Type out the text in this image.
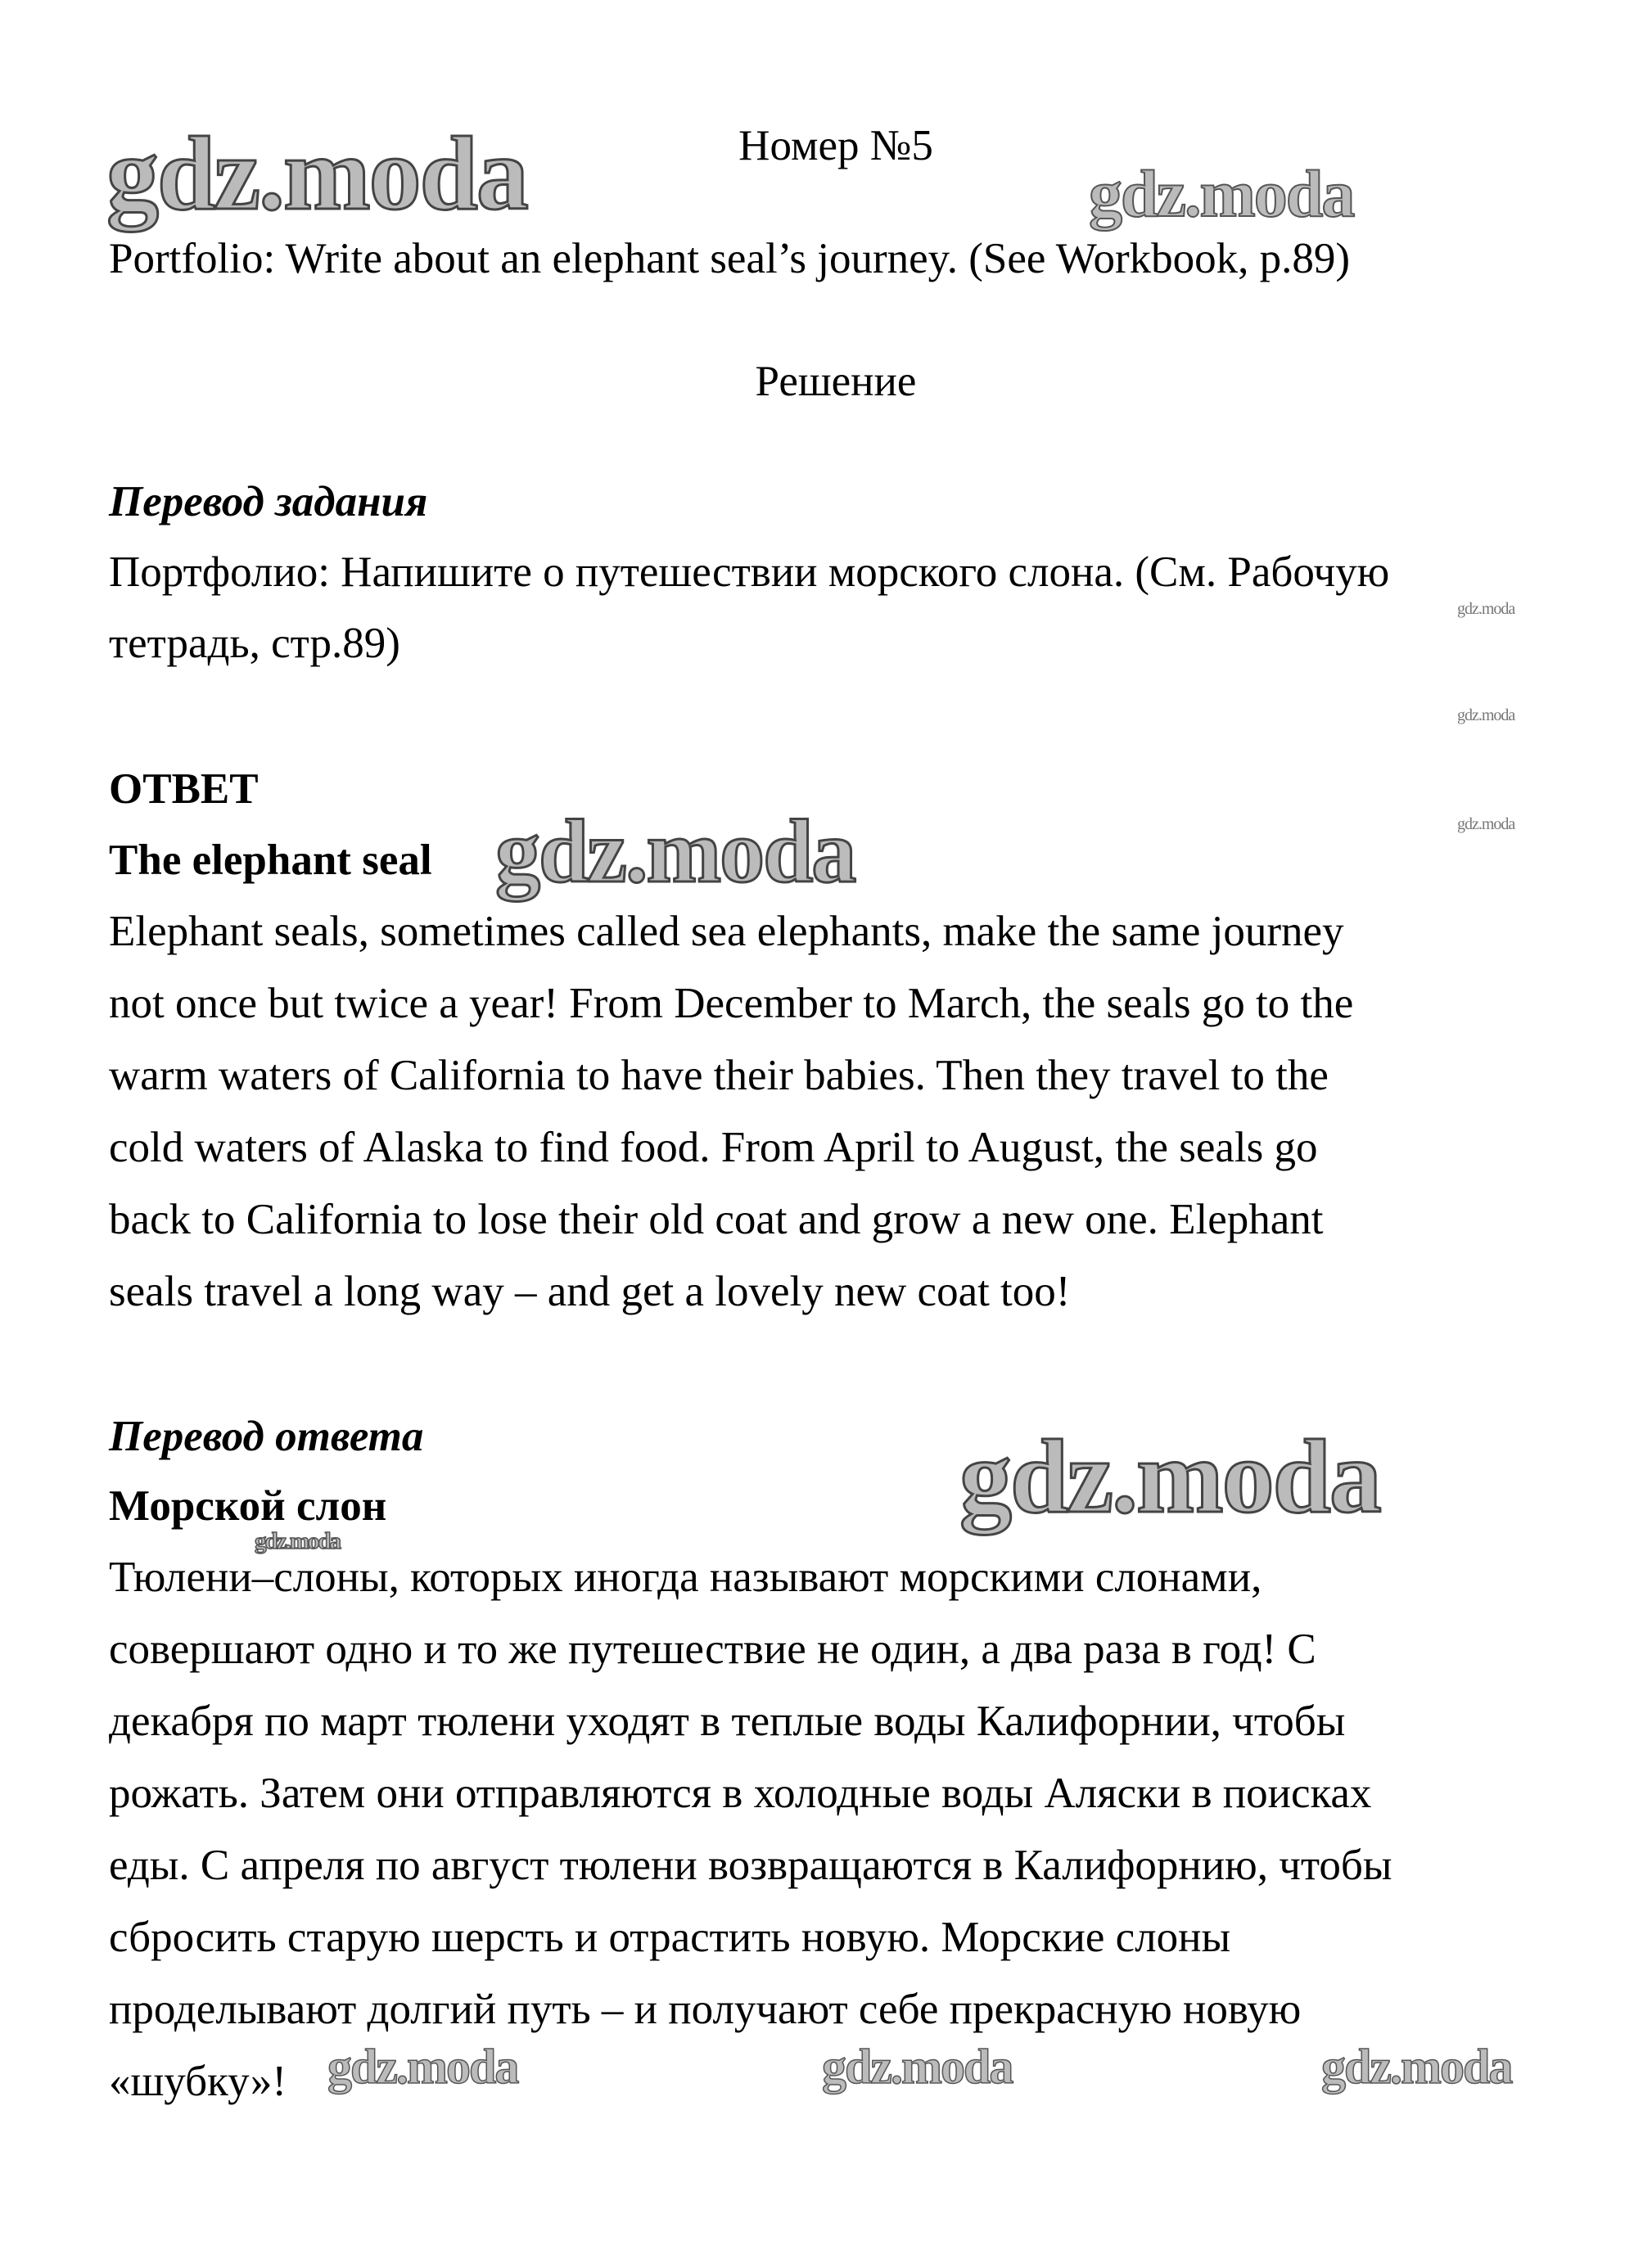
Номер №5
Portfolio: Write about an elephant seal’s journey. (See Workbook, p.89)
Решение
Перевод задания
Портфолио: Напишите о путешествии морского слона. (См. Рабочую
тетрадь, стр.89)
ОТВЕТ
The elephant seal
Elephant seals, sometimes called sea elephants, make the same journey
not once but twice a year! From December to March, the seals go to the
warm waters of California to have their babies. Then they travel to the
cold waters of Alaska to find food. From April to August, the seals go
back to California to lose their old coat and grow a new one. Elephant
seals travel a long way – and get a lovely new coat too!
Перевод ответа
Морской слон
Тюлени–слоны, которых иногда называют морскими слонами,
совершают одно и то же путешествие не один, а два раза в год! С
декабря по март тюлени уходят в теплые воды Калифорнии, чтобы
рожать. Затем они отправляются в холодные воды Аляски в поисках
еды. С апреля по август тюлени возвращаются в Калифорнию, чтобы
сбросить старую шерсть и отрастить новую. Морские слоны
проделывают долгий путь – и получают себе прекрасную новую
«шубку»!
gdz.moda	gdz.moda
gdz.moda
gdz.moda
gdz.moda
gdz.moda
gdz.moda
gdz.moda
gdz.moda	gdz.moda	gdz.moda
